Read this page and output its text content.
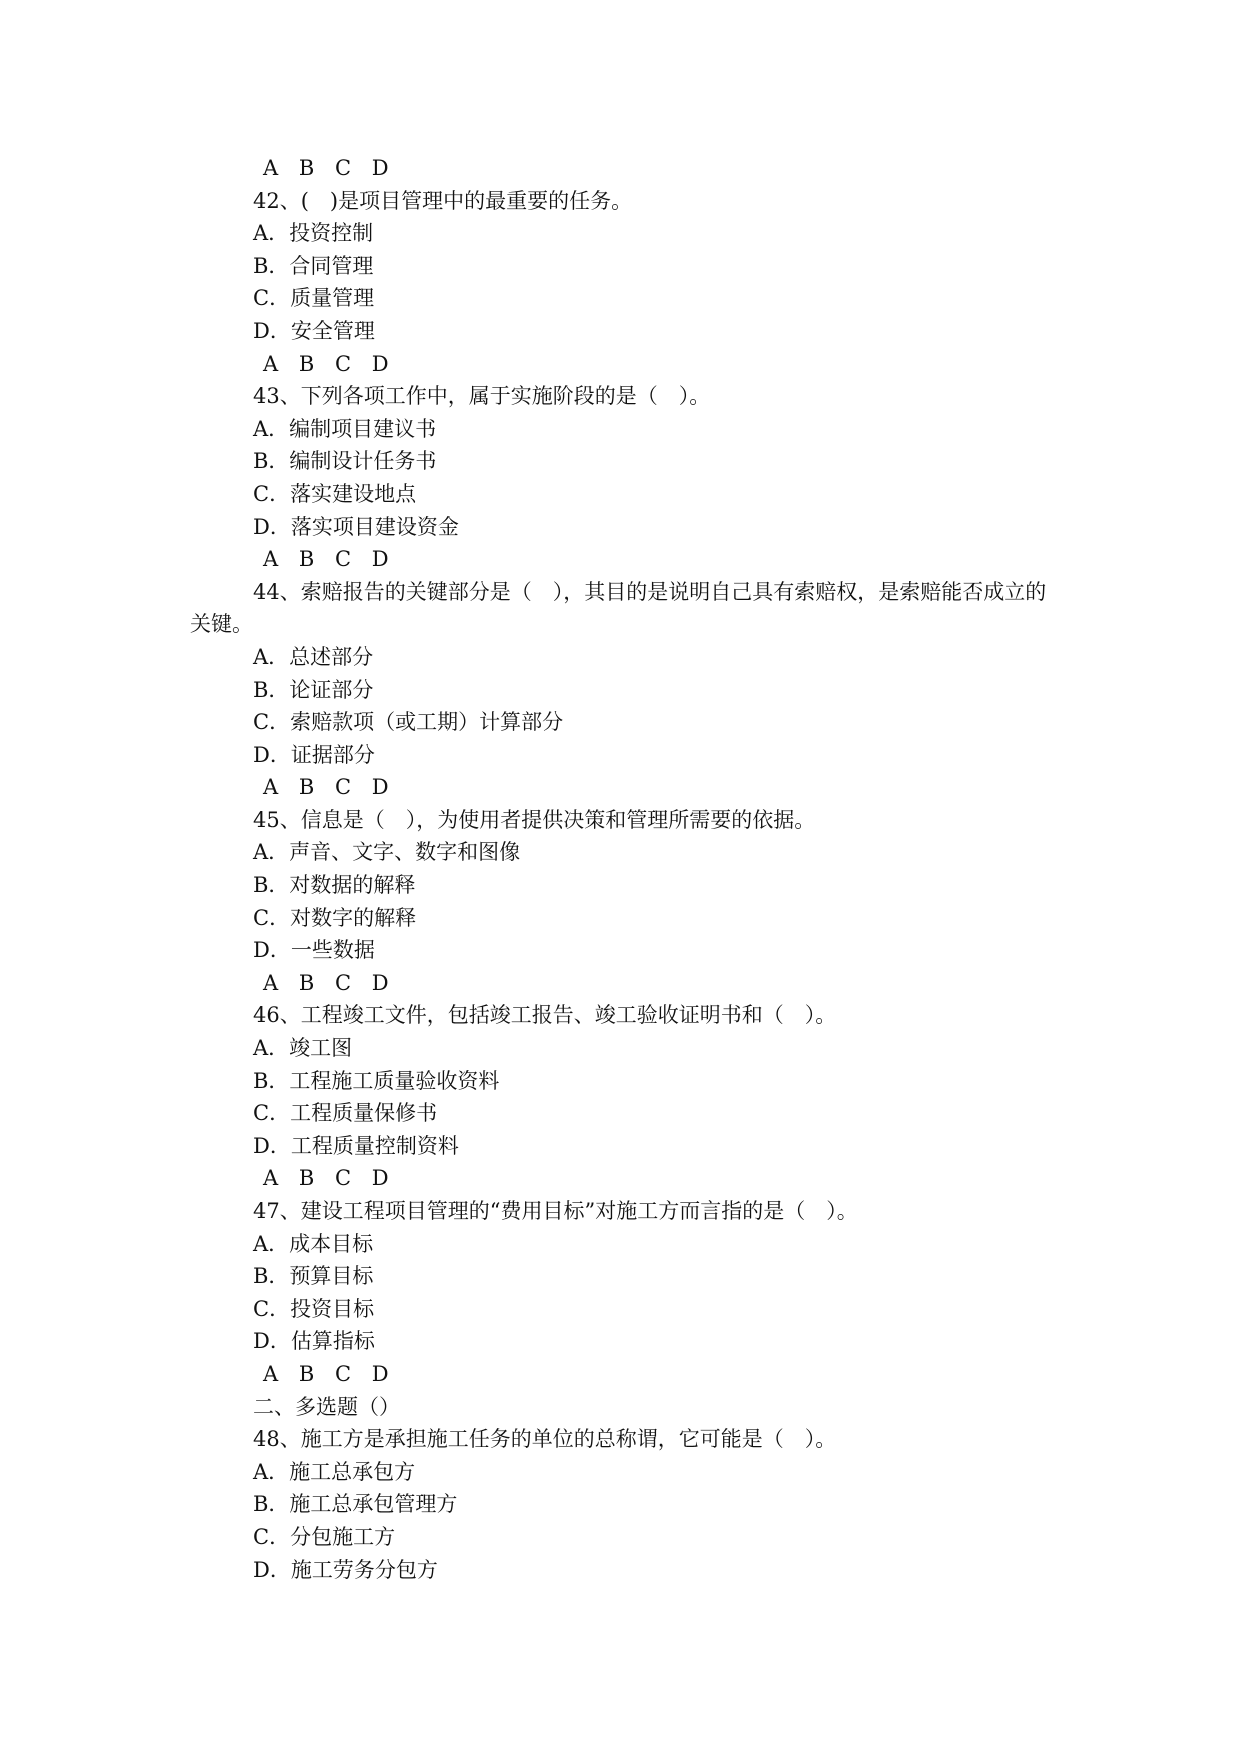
A B C D
42、(　)是项目管理中的最重要的任务。
A．投资控制
B．合同管理
C．质量管理
D．安全管理
A B C D
43、下列各项工作中，属于实施阶段的是（　）。
A．编制项目建议书
B．编制设计任务书
C．落实建设地点
D．落实项目建设资金
A B C D
44、索赔报告的关键部分是（　），其目的是说明自己具有索赔权，是索赔能否成立的关键。
A．总述部分
B．论证部分
C．索赔款项（或工期）计算部分
D．证据部分
A B C D
45、信息是（　），为使用者提供决策和管理所需要的依据。
A．声音、文字、数字和图像
B．对数据的解释
C．对数字的解释
D．一些数据
A B C D
46、工程竣工文件，包括竣工报告、竣工验收证明书和（　）。
A．竣工图
B．工程施工质量验收资料
C．工程质量保修书
D．工程质量控制资料
A B C D
47、建设工程项目管理的“费用目标”对施工方而言指的是（　）。
A．成本目标
B．预算目标
C．投资目标
D．估算指标
A B C D
二、多选题（）
48、施工方是承担施工任务的单位的总称谓，它可能是（　）。
A．施工总承包方
B．施工总承包管理方
C．分包施工方
D．施工劳务分包方
